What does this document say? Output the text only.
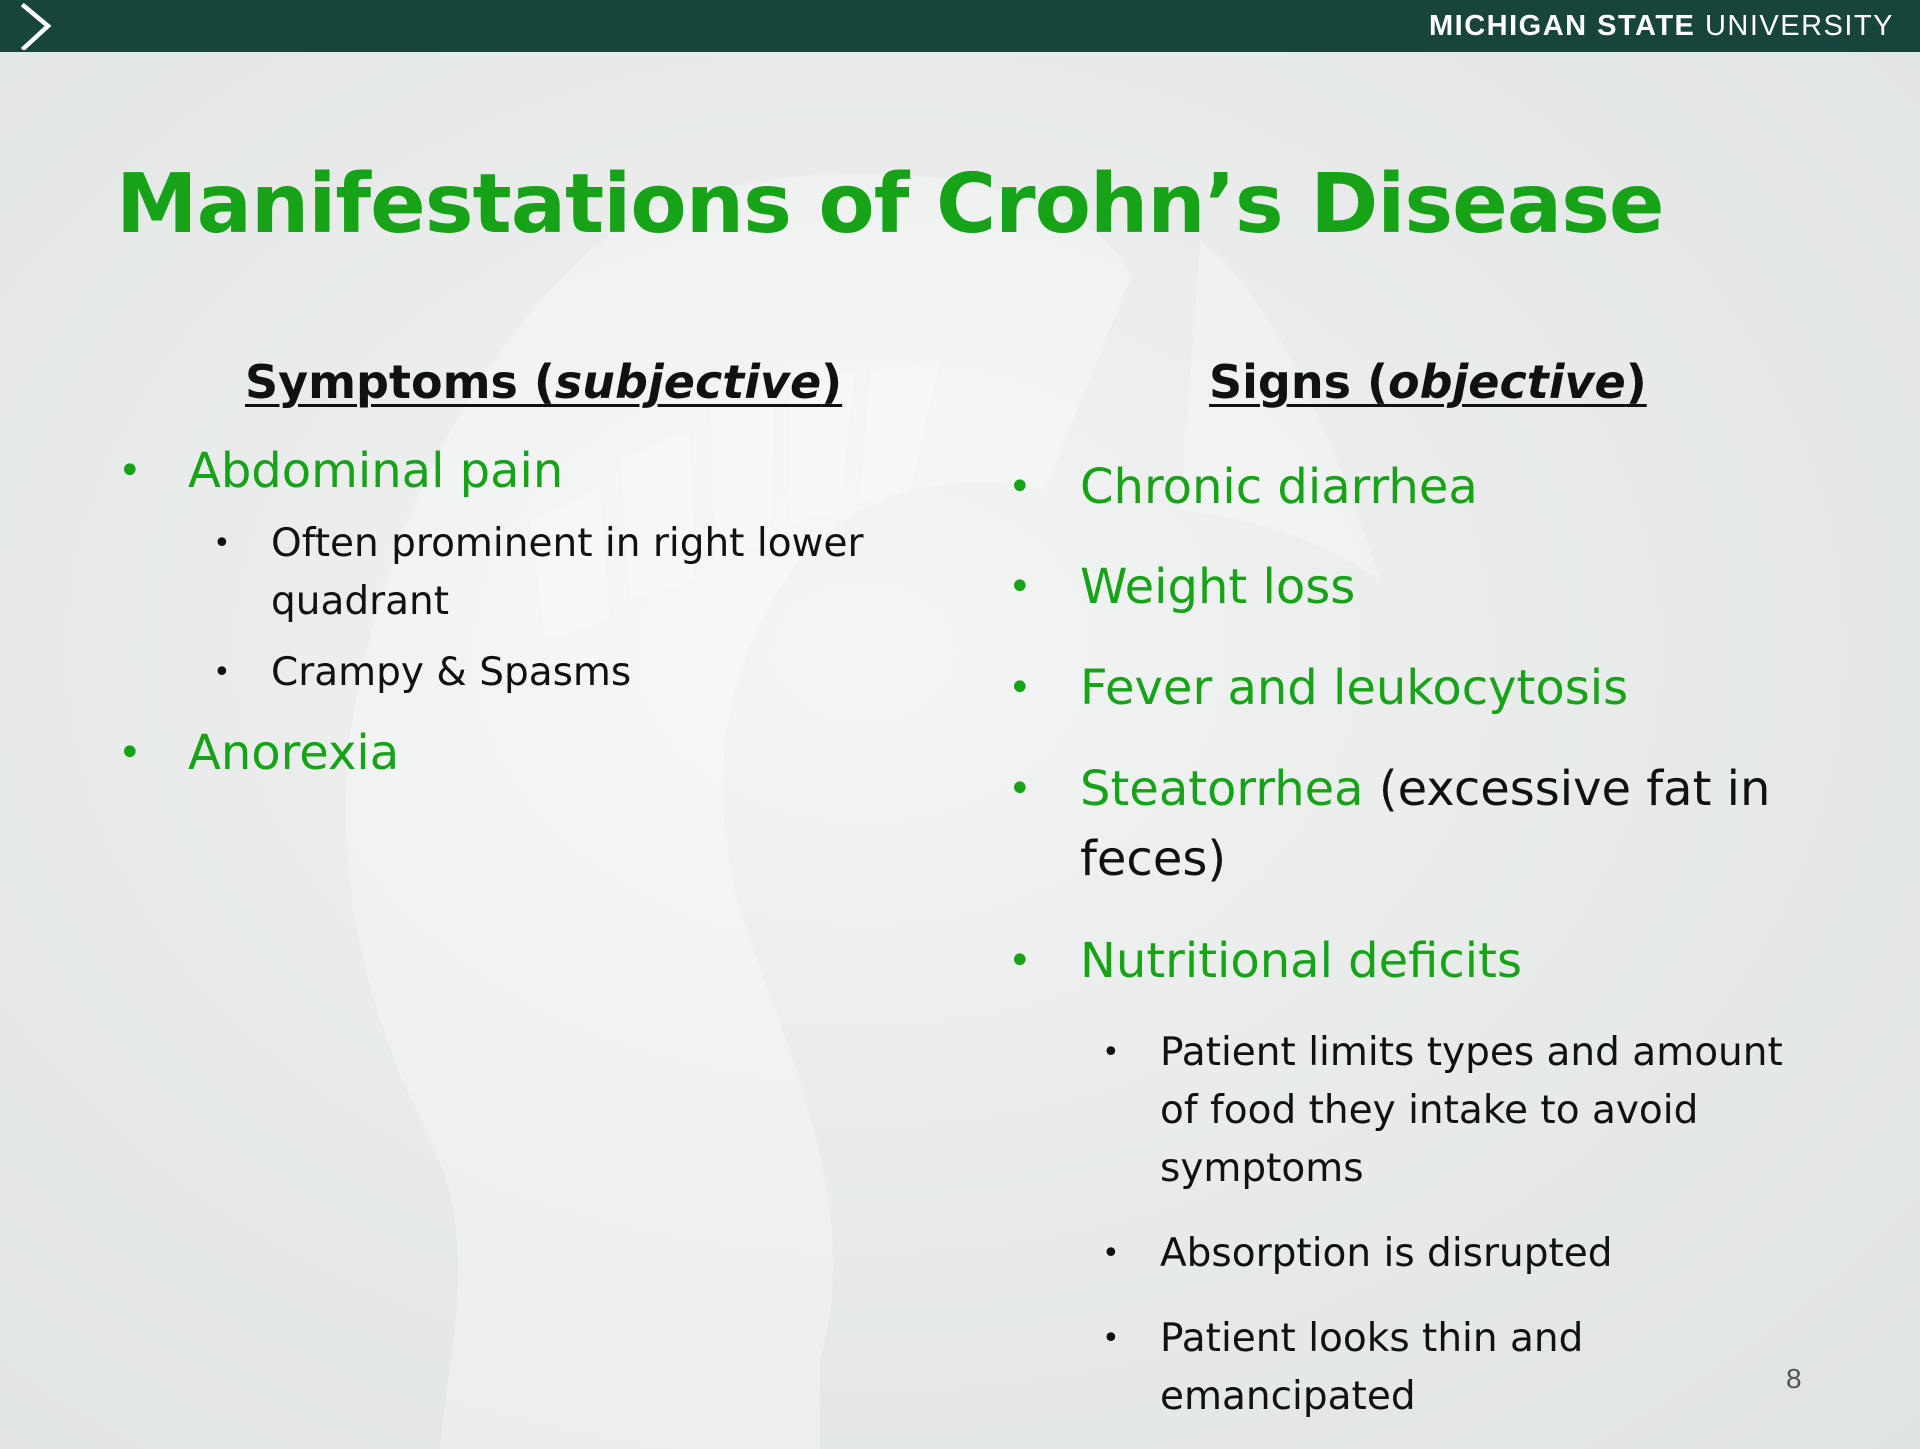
MICHIGAN STATE UNIVERSITY
Manifestations of Crohn’s Disease
Symptoms (subjective)	Signs (objective)
• Abdominal pain
• Often prominent in right lower
quadrant
• Crampy & Spasms
• Anorexia
• Chronic diarrhea
• Weight loss
• Fever and leukocytosis
• Steatorrhea (excessive fat in
feces)
• Nutritional deficits
• Patient limits types and amount
of food they intake to avoid
symptoms
• Absorption is disrupted
• Patient looks thin and
emancipated	8
